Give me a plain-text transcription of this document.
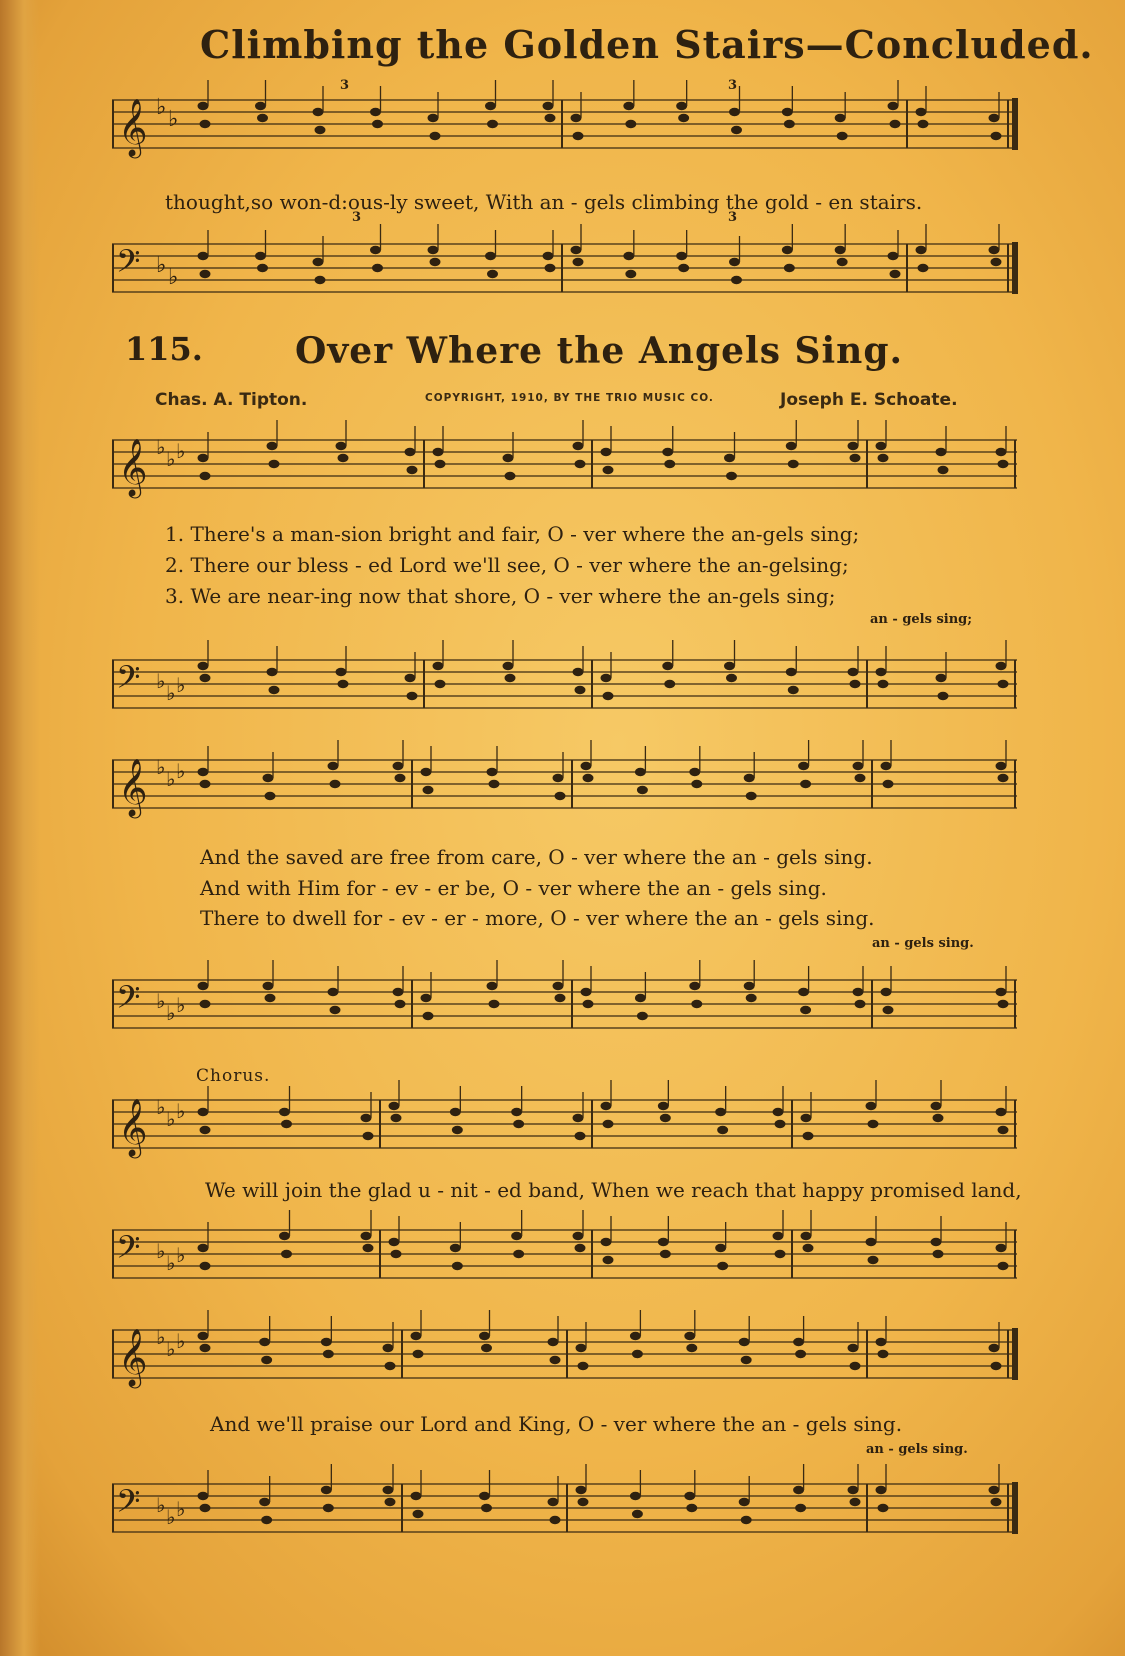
Climbing the Golden Stairs—Concluded.
𝄞 ♭ ♭
3	3
thought,so won-d:ous-ly sweet, With an - gels climbing the gold - en stairs.
𝄢 ♭ ♭
3	3
115.	Over Where the Angels Sing.
Chas. A. Tipton.	COPYRIGHT, 1910, BY THE TRIO MUSIC CO.	Joseph E. Schoate.
𝄞 ♭ ♭ ♭
1. There's a man-sion bright and fair, O - ver where the an-gels sing;
2. There our bless - ed Lord we'll see, O - ver where the an-gelsing;
3. We are near-ing now that shore, O - ver where the an-gels sing;
an - gels sing;
𝄢 ♭ ♭ ♭
𝄞 ♭ ♭ ♭
And the saved are free from care, O - ver where the an - gels sing.
And with Him for - ev - er be, O - ver where the an - gels sing.
There to dwell for - ev - er - more, O - ver where the an - gels sing.
an - gels sing.
𝄢 ♭ ♭ ♭
Chorus.
𝄞 ♭ ♭ ♭
We will join the glad u - nit - ed band, When we reach that happy promised land,
𝄢 ♭ ♭ ♭
𝄞 ♭ ♭ ♭
And we'll praise our Lord and King, O - ver where the an - gels sing.
an - gels sing.
𝄢 ♭ ♭ ♭
